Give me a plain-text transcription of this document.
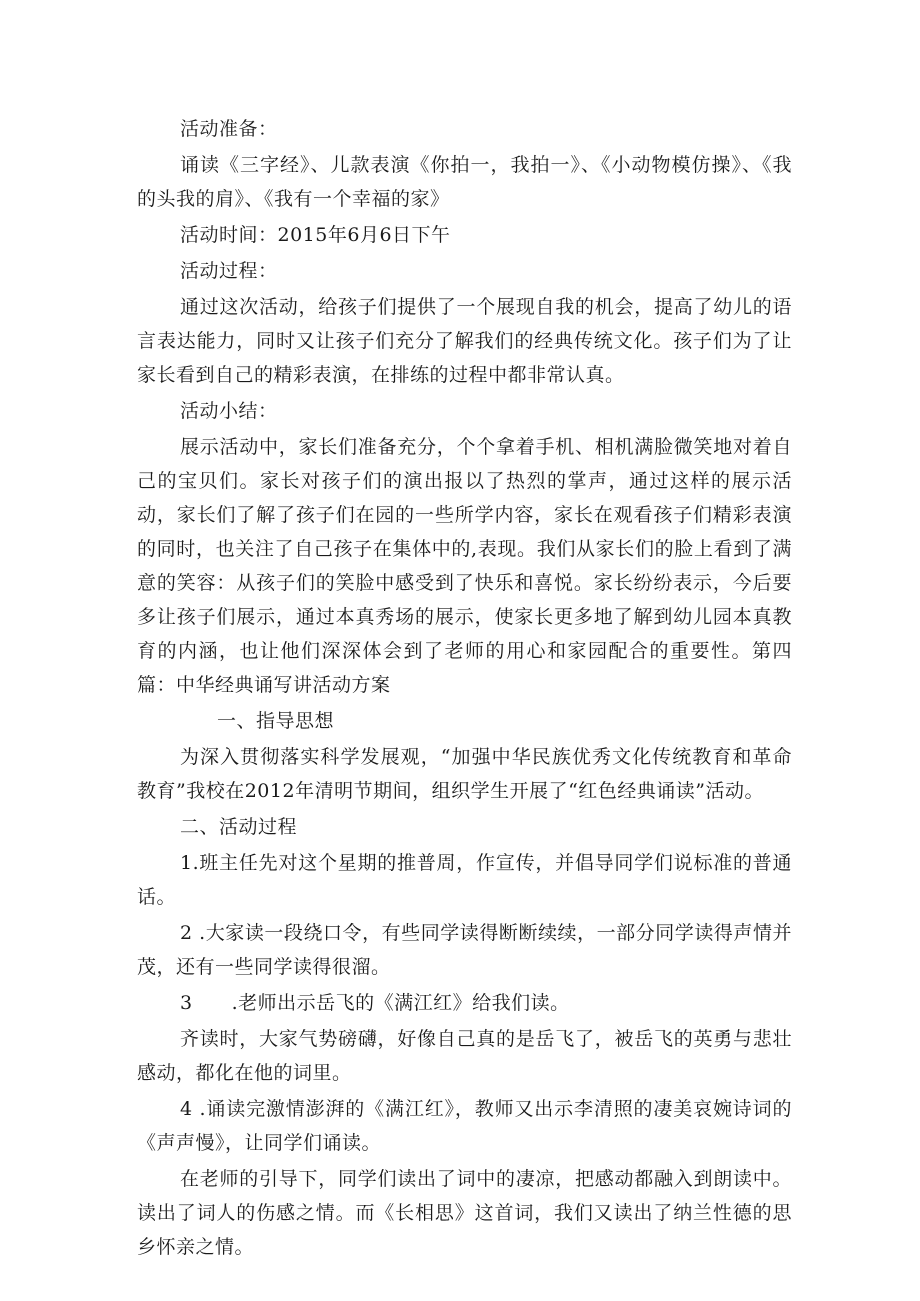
活动准备：

诵读《三字经》、儿款表演《你拍一，我拍一》、《小动物模仿操》、《我的头我的肩》、《我有一个幸福的家》

活动时间：2015年6月6日下午

活动过程：

通过这次活动，给孩子们提供了一个展现自我的机会，提高了幼儿的语言表达能力，同时又让孩子们充分了解我们的经典传统文化。孩子们为了让家长看到自己的精彩表演，在排练的过程中都非常认真。

活动小结：

展示活动中，家长们准备充分，个个拿着手机、相机满脸微笑地对着自己的宝贝们。家长对孩子们的演出报以了热烈的掌声，通过这样的展示活动，家长们了解了孩子们在园的一些所学内容，家长在观看孩子们精彩表演的同时，也关注了自己孩子在集体中的,表现。我们从家长们的脸上看到了满意的笑容：从孩子们的笑脸中感受到了快乐和喜悦。家长纷纷表示，今后要多让孩子们展示，通过本真秀场的展示，使家长更多地了解到幼儿园本真教育的内涵，也让他们深深体会到了老师的用心和家园配合的重要性。第四篇：中华经典诵写讲活动方案

一、指导思想

为深入贯彻落实科学发展观，“加强中华民族优秀文化传统教育和革命教育”我校在2012年清明节期间，组织学生开展了“红色经典诵读”活动。

二、活动过程

1.班主任先对这个星期的推普周，作宣传，并倡导同学们说标准的普通话。

2 .大家读一段绕口令，有些同学读得断断续续，一部分同学读得声情并茂，还有一些同学读得很溜。

3　　.老师出示岳飞的《满江红》给我们读。

齐读时，大家气势磅礴，好像自己真的是岳飞了，被岳飞的英勇与悲壮感动，都化在他的词里。

4 .诵读完激情澎湃的《满江红》，教师又出示李清照的凄美哀婉诗词的《声声慢》，让同学们诵读。

在老师的引导下，同学们读出了词中的凄凉，把感动都融入到朗读中。读出了词人的伤感之情。而《长相思》这首词，我们又读出了纳兰性德的思乡怀亲之情。
